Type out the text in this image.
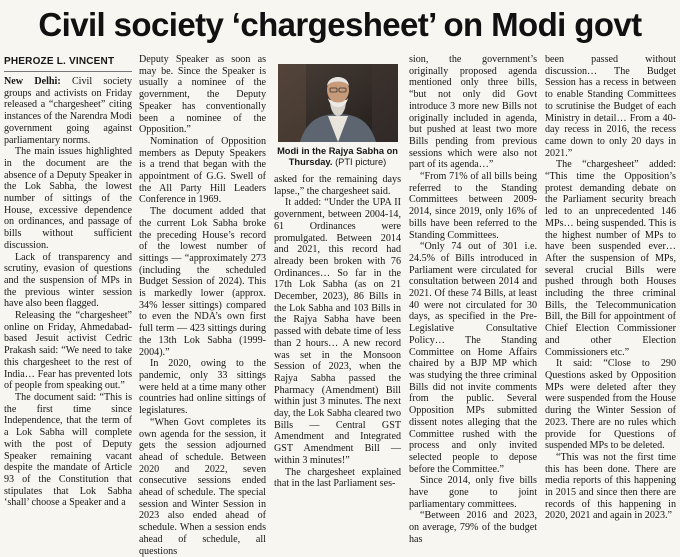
Civil society ‘chargesheet’ on Modi govt
PHEROZE L. VINCENT

New Delhi: Civil society groups and activists on Friday released a “chargesheet” citing instances of the Narendra Modi government going against parliamentary norms.

The main issues highlighted in the document are the absence of a Deputy Speaker in the Lok Sabha, the lowest number of sittings of the House, excessive dependence on ordinances, and passage of bills without sufficient discussion.

Lack of transparency and scrutiny, evasion of questions and the suspension of MPs in the previous winter session have also been flagged.

Releasing the “chargesheet” online on Friday, Ahmedabad-based Jesuit activist Cedric Prakash said: “We need to take this chargesheet to the rest of India… Fear has prevented lots of people from speaking out.”

The document said: “This is the first time since Independence, that the term of a Lok Sabha will complete with the post of Deputy Speaker remaining vacant despite the mandate of Article 93 of the Constitution that stipulates that Lok Sabha ‘shall’ choose a Speaker and a

Deputy Speaker as soon as may be. Since the Speaker is usually a nominee of the government, the Deputy Speaker has conventionally been a nominee of the Opposition.”

Nomination of Opposition members as Deputy Speakers is a trend that began with the appointment of G.G. Swell of the All Party Hill Leaders Conference in 1969.

The document added that the current Lok Sabha broke the preceding House’s record of the lowest number of sittings — “approximately 273 (including the scheduled Budget Session of 2024). This is markedly lower (approx. 34% lesser sittings) compared to even the NDA’s own first full term — 423 sittings during the 13th Lok Sabha (1999-2004).”

In 2020, owing to the pandemic, only 33 sittings were held at a time many other countries had online sittings of legislatures.

“When Govt completes its own agenda for the session, it gets the session adjourned ahead of schedule. Between 2020 and 2022, seven consecutive sessions ended ahead of schedule. The special session and Winter Session in 2023 also ended ahead of schedule. When a session ends ahead of schedule, all questions

Modi in the Rajya Sabha on Thursday. (PTI picture)

asked for the remaining days lapse.,” the chargesheet said.

It added: “Under the UPA II government, between 2004-14, 61 Ordinances were promulgated. Between 2014 and 2021, this record had already been broken with 76 Ordinances… So far in the 17th Lok Sabha (as on 21 December, 2023), 86 Bills in the Lok Sabha and 103 Bills in the Rajya Sabha have been passed with debate time of less than 2 hours… A new record was set in the Monsoon Session of 2023, when the Rajya Sabha passed the Pharmacy (Amendment) Bill within just 3 minutes. The next day, the Lok Sabha cleared two Bills — Central GST Amendment and Integrated GST Amendment Bill — within 3 minutes!”

The chargesheet explained that in the last Parliament ses-

sion, the government’s originally proposed agenda mentioned only three bills, “but not only did Govt introduce 3 more new Bills not originally included in agenda, but pushed at least two more Bills pending from previous sessions which were also not part of its agenda…”

“From 71% of all bills being referred to the Standing Committees between 2009-2014, since 2019, only 16% of bills have been referred to the Standing Committees.

“Only 74 out of 301 i.e. 24.5% of Bills introduced in Parliament were circulated for consultation between 2014 and 2021. Of these 74 Bills, at least 40 were not circulated for 30 days, as specified in the Pre-Legislative Consultative Policy… The Standing Committee on Home Affairs chaired by a BJP MP which was studying the three criminal Bills did not invite comments from the public. Several Opposition MPs submitted dissent notes alleging that the Committee rushed with the process and only invited selected people to depose before the Committee.”

Since 2014, only five bills have gone to joint parliamentary committees.

“Between 2016 and 2023, on average, 79% of the budget has

been passed without discussion… The Budget Session has a recess in between to enable Standing Committees to scrutinise the Budget of each Ministry in detail… From a 40-day recess in 2016, the recess came down to only 20 days in 2021.”

The “chargesheet” added: “This time the Opposition’s protest demanding debate on the Parliament security breach led to an unprecedented 146 MPs… being suspended. This is the highest number of MPs to have been suspended ever… After the suspension of MPs, several crucial Bills were pushed through both Houses including the three criminal Bills, the Telecommunication Bill, the Bill for appointment of Chief Election Commissioner and other Election Commissioners etc.”

It said: “Close to 290 Questions asked by Opposition MPs were deleted after they were suspended from the House during the Winter Session of 2023. There are no rules which provide for Questions of suspended MPs to be deleted.

“This was not the first time this has been done. There are media reports of this happening in 2015 and since then there are records of this happening in 2020, 2021 and again in 2023.”
